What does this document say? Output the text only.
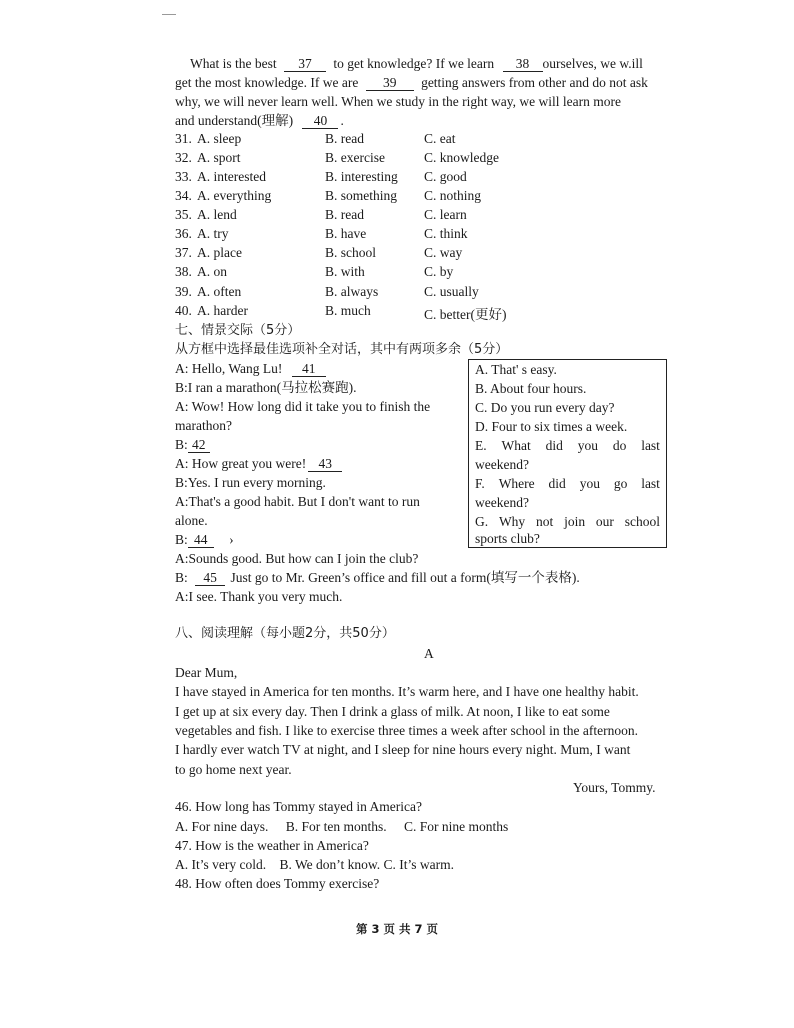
What is the best 37 to get knowledge? If we learn 38 ourselves, we w.ill
get the most knowledge. If we are 39 getting answers from other and do not ask
why, we will never learn well. When we study in the right way, we will learn more
and understand(理解) 40 .
31. A. sleep	B. read	C. eat
32. A. sport	B. exercise	C. knowledge
33. A. interested	B. interesting C. good
34. A. everything	B. something C. nothing
35. A. lend	B. read	C. learn
36. A. try	B. have	C. think
37. A. place	B. school	C. way
38. A. on	B. with	C. by
39. A. often	B. always	C. usually
40. A. harder	B. much	C. better(更好)
七、情景交际（5分）
从方框中选择最佳选项补全对话，其中有两项多余（5分）
A: Hello, Wang Lu! 41
B:I ran a marathon(马拉松赛跑).
A: Wow! How long did it take you to finish the
marathon?
B: 42
A: How great you were! 43
B:Yes. I run every morning.
A:That's a good habit. But I don't want to run
alone.
B: 44 ›
A:Sounds good. But how can I join the club?
B: 45 Just go to Mr. Green’s office and fill out a form(填写一个表格).
A:I see. Thank you very much.
A. That' s easy.
B. About four hours.
C. Do you run every day?
D. Four to six times a week.
E. What did you do last
weekend?
F. Where did you go last
weekend?
G. Why not join our school
sports club?
八、阅读理解（每小题2分，共50分）
A
Dear Mum,
I have stayed in America for ten months. It’s warm here, and I have one healthy habit.
I get up at six every day. Then I drink a glass of milk. At noon, I like to eat some
vegetables and fish. I like to exercise three times a week after school in the afternoon.
I hardly ever watch TV at night, and I sleep for nine hours every night. Mum, I want
to go home next year.
Yours, Tommy.
46. How long has Tommy stayed in America?
A. For nine days. B. For ten months. C. For nine months
47. How is the weather in America?
A. It’s very cold. B. We don’t know. C. It’s warm.
48. How often does Tommy exercise?
第 3 页 共 7 页
